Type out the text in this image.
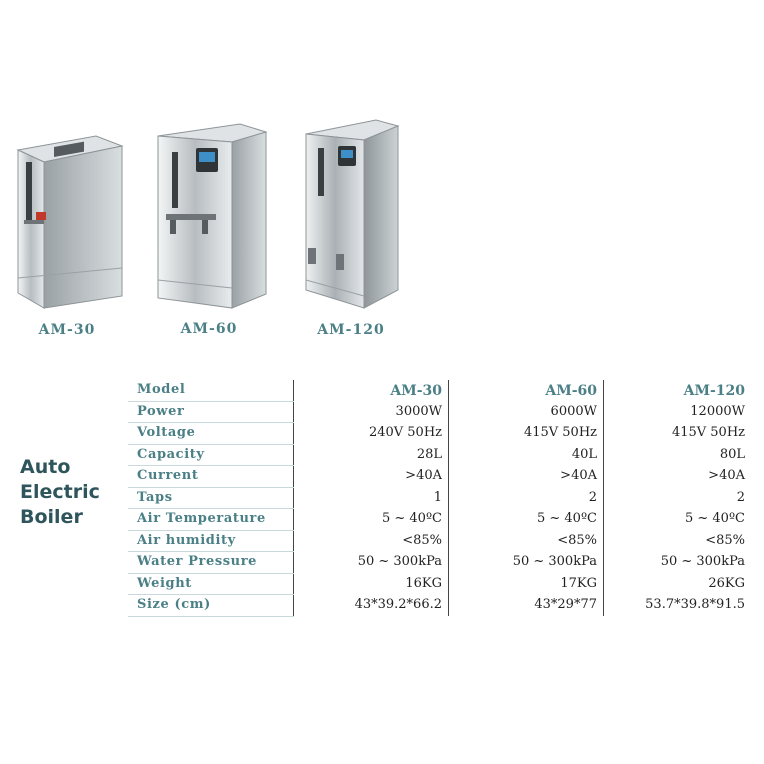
AM-30	AM-60	AM-120
Auto
Electric
Boiler
Model	AM-30	AM-60	AM-120
Power	3000W	6000W	12000W
Voltage	240V 50Hz	415V 50Hz	415V 50Hz
Capacity	28L	40L	80L
Current	>40A	>40A	>40A
Taps	1	2	2
Air Temperature	5 ~ 40ºC	5 ~ 40ºC	5 ~ 40ºC
Air humidity	<85%	<85%	<85%
Water Pressure	50 ~ 300kPa	50 ~ 300kPa	50 ~ 300kPa
Weight	16KG	17KG	26KG
Size (cm)	43*39.2*66.2	43*29*77	53.7*39.8*91.5
